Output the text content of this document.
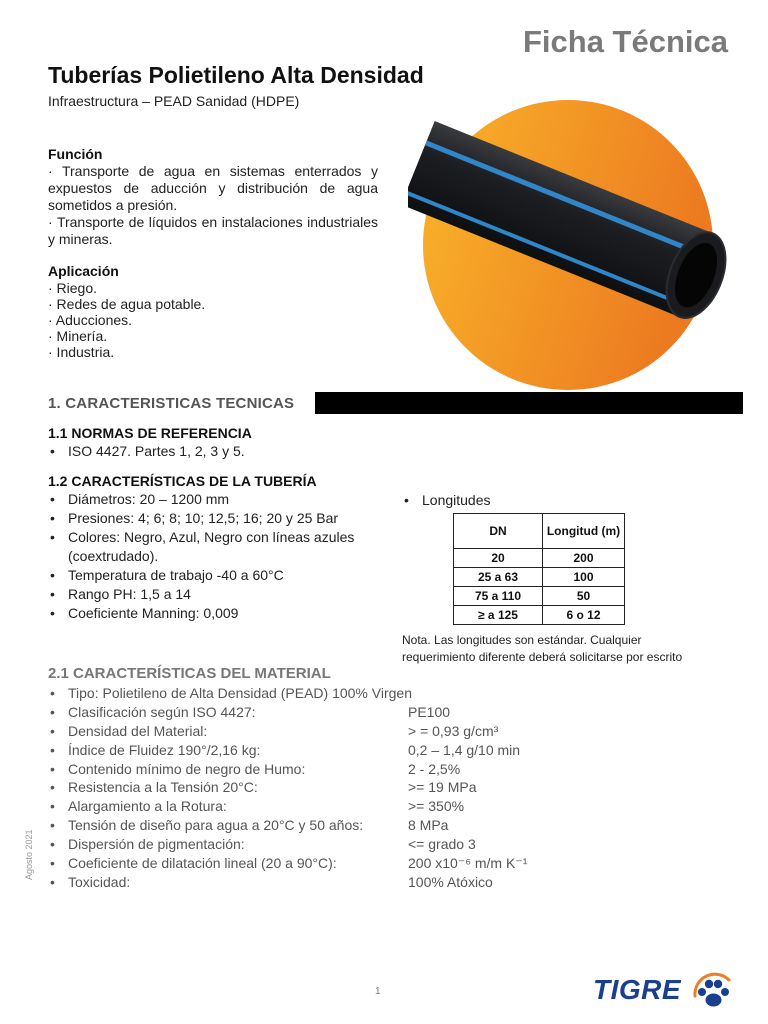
Ficha Técnica
Tuberías Polietileno Alta Densidad
Infraestructura – PEAD Sanidad (HDPE)
Función
· Transporte de agua en sistemas enterrados y expuestos de aducción y distribución de agua sometidos a presión.
· Transporte de líquidos en instalaciones industriales y mineras.
Aplicación
· Riego.
· Redes de agua potable.
· Aducciones.
· Minería.
· Industria.
1. CARACTERISTICAS TECNICAS
1.1 NORMAS DE REFERENCIA
• ISO 4427. Partes 1, 2, 3 y 5.
1.2 CARACTERÍSTICAS DE LA TUBERÍA
• Diámetros: 20 – 1200 mm
• Presiones: 4; 6; 8; 10; 12,5; 16; 20 y 25 Bar
• Colores: Negro, Azul, Negro con líneas azules
(coextrudado).
• Temperatura de trabajo -40 a 60°C
• Rango PH: 1,5 a 14
• Coeficiente Manning: 0,009
• Longitudes
DN	Longitud (m)
20	200
25 a 63	100
75 a 110	50
≥ a 125	6 o 12
Nota. Las longitudes son estándar. Cualquier
requerimiento diferente deberá solicitarse por escrito
2.1 CARACTERÍSTICAS DEL MATERIAL
• Tipo: Polietileno de Alta Densidad (PEAD) 100% Virgen
• Clasificación según ISO 4427:	PE100
• Densidad del Material:	> = 0,93 g/cm³
• Índice de Fluidez 190°/2,16 kg:	0,2 – 1,4 g/10 min
• Contenido mínimo de negro de Humo:	2 - 2,5%
• Resistencia a la Tensión 20°C:	>= 19 MPa
• Alargamiento a la Rotura:	>= 350%
• Tensión de diseño para agua a 20°C y 50 años:	8 MPa
• Dispersión de pigmentación:	<= grado 3
• Coeficiente de dilatación lineal (20 a 90°C):	200 x10⁻⁶ m/m K⁻¹
• Toxicidad:	100% Atóxico
Agosto 2021
1	TIGRE
